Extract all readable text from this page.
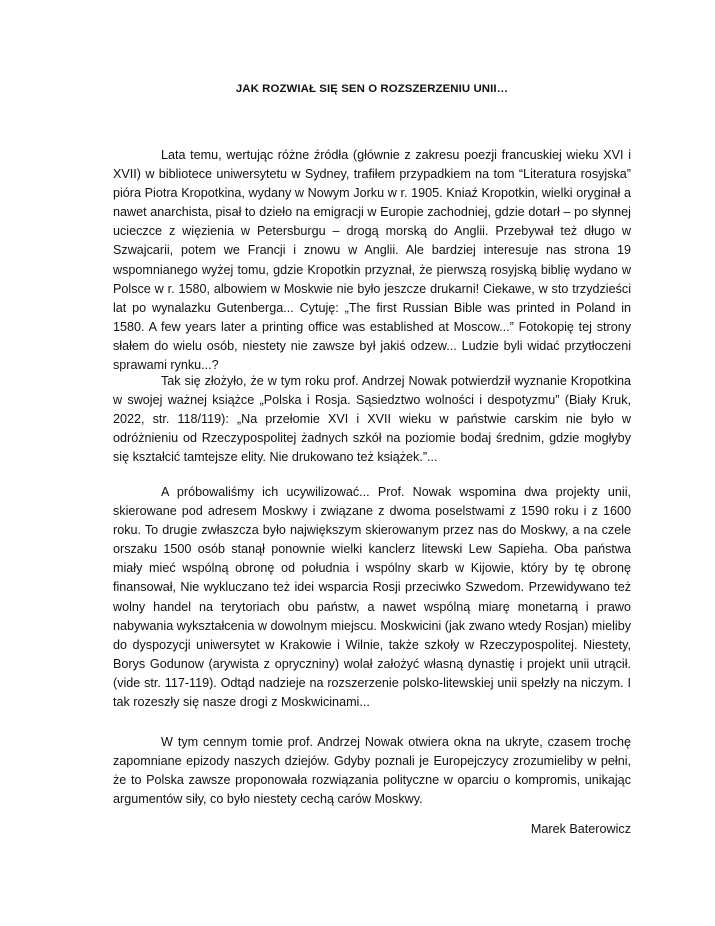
JAK ROZWIAŁ SIĘ SEN O ROZSZERZENIU UNII…

Lata temu, wertując różne źródła (głównie z zakresu poezji francuskiej wieku XVI i XVII) w bibliotece uniwersytetu w Sydney, trafiłem przypadkiem na tom “Literatura rosyjska” pióra Piotra Kropotkina, wydany w Nowym Jorku w r. 1905. Kniaź Kropotkin, wielki oryginał a nawet anarchista, pisał to dzieło na emigracji w Europie zachodniej, gdzie dotarł – po słynnej ucieczce z więzienia w Petersburgu – drogą morską do Anglii. Przebywał też długo w Szwajcarii, potem we Francji i znowu w Anglii. Ale bardziej interesuje nas strona 19 wspomnianego wyżej tomu, gdzie Kropotkin przyznał, że pierwszą rosyjską biblię wydano w Polsce w r. 1580, albowiem w Moskwie nie było jeszcze drukarni! Ciekawe, w sto trzydzieści lat po wynalazku Gutenberga... Cytuję: „The first Russian Bible was printed in Poland in 1580. A few years later a printing office was established at Moscow...” Fotokopię tej strony słałem do wielu osób, niestety nie zawsze był jakiś odzew... Ludzie byli widać przytłoczeni sprawami rynku...?

Tak się złożyło, że w tym roku prof. Andrzej Nowak potwierdził wyznanie Kropotkina w swojej ważnej książce „Polska i Rosja. Sąsiedztwo wolności i despotyzmu” (Biały Kruk, 2022, str. 118/119): „Na przełomie XVI i XVII wieku w państwie carskim nie było w odróżnieniu od Rzeczypospolitej żadnych szkół na poziomie bodaj średnim, gdzie mogłyby się kształcić tamtejsze elity. Nie drukowano też książek.”...

A próbowaliśmy ich ucywilizować... Prof. Nowak wspomina dwa projekty unii, skierowane pod adresem Moskwy i związane z dwoma poselstwami z 1590 roku i z 1600 roku. To drugie zwłaszcza było największym skierowanym przez nas do Moskwy, a na czele orszaku 1500 osób stanął ponownie wielki kanclerz litewski Lew Sapieha. Oba państwa miały mieć wspólną obronę od południa i wspólny skarb w Kijowie, który by tę obronę finansował, Nie wykluczano też idei wsparcia Rosji przeciwko Szwedom. Przewidywano też wolny handel na terytoriach obu państw, a nawet wspólną miarę monetarną i prawo nabywania wykształcenia w dowolnym miejscu. Moskwicini (jak zwano wtedy Rosjan) mieliby do dyspozycji uniwersytet w Krakowie i Wilnie, także szkoły w Rzeczypospolitej. Niestety, Borys Godunow (arywista z opryczniny) wolał założyć własną dynastię i projekt unii utrącił. (vide str. 117-119). Odtąd nadzieje na rozszerzenie polsko-litewskiej unii spełzły na niczym. I tak rozeszły się nasze drogi z Moskwicinami...

W tym cennym tomie prof. Andrzej Nowak otwiera okna na ukryte, czasem trochę zapomniane epizody naszych dziejów. Gdyby poznali je Europejczycy zrozumieliby w pełni, że to Polska zawsze proponowała rozwiązania polityczne w oparciu o kompromis, unikając argumentów siły, co było niestety cechą carów Moskwy.

Marek Baterowicz
